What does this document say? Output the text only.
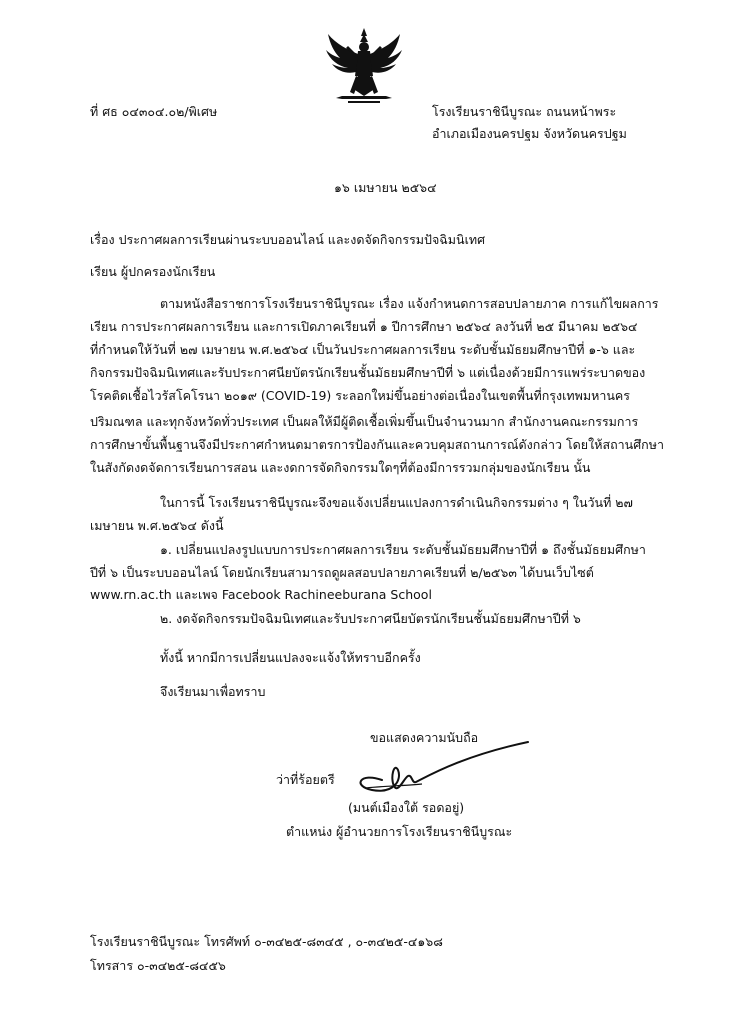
ที่ ศธ ๐๔๓๐๔.๐๒/พิเศษ	โรงเรียนราชินีบูรณะ ถนนหน้าพระ
อำเภอเมืองนครปฐม จังหวัดนครปฐม
๑๖ เมษายน ๒๕๖๔
เรื่อง ประกาศผลการเรียนผ่านระบบออนไลน์ และงดจัดกิจกรรมปัจฉิมนิเทศ
เรียน ผู้ปกครองนักเรียน
ตามหนังสือราชการโรงเรียนราชินีบูรณะ เรื่อง แจ้งกำหนดการสอบปลายภาค การแก้ไขผลการ
เรียน การประกาศผลการเรียน และการเปิดภาคเรียนที่ ๑ ปีการศึกษา ๒๕๖๔ ลงวันที่ ๒๕ มีนาคม ๒๕๖๔
ที่กำหนดให้วันที่ ๒๗ เมษายน พ.ศ.๒๕๖๔ เป็นวันประกาศผลการเรียน ระดับชั้นมัธยมศึกษาปีที่ ๑-๖ และ
กิจกรรมปัจฉิมนิเทศและรับประกาศนียบัตรนักเรียนชั้นมัธยมศึกษาปีที่ ๖ แต่เนื่องด้วยมีการแพร่ระบาดของ
โรคติดเชื้อไวรัสโคโรนา ๒๐๑๙ (COVID-19) ระลอกใหม่ขึ้นอย่างต่อเนื่องในเขตพื้นที่กรุงเทพมหานคร
ปริมณฑล และทุกจังหวัดทั่วประเทศ เป็นผลให้มีผู้ติดเชื้อเพิ่มขึ้นเป็นจำนวนมาก สำนักงานคณะกรรมการ
การศึกษาขั้นพื้นฐานจึงมีประกาศกำหนดมาตรการป้องกันและควบคุมสถานการณ์ดังกล่าว โดยให้สถานศึกษา
ในสังกัดงดจัดการเรียนการสอน และงดการจัดกิจกรรมใดๆที่ต้องมีการรวมกลุ่มของนักเรียน นั้น
ในการนี้ โรงเรียนราชินีบูรณะจึงขอแจ้งเปลี่ยนแปลงการดำเนินกิจกรรมต่าง ๆ ในวันที่ ๒๗
เมษายน พ.ศ.๒๕๖๔ ดังนี้
๑. เปลี่ยนแปลงรูปแบบการประกาศผลการเรียน ระดับชั้นมัธยมศึกษาปีที่ ๑ ถึงชั้นมัธยมศึกษา
ปีที่ ๖ เป็นระบบออนไลน์ โดยนักเรียนสามารถดูผลสอบปลายภาคเรียนที่ ๒/๒๕๖๓ ได้บนเว็บไซต์
www.rn.ac.th และเพจ Facebook Rachineeburana School
๒. งดจัดกิจกรรมปัจฉิมนิเทศและรับประกาศนียบัตรนักเรียนชั้นมัธยมศึกษาปีที่ ๖
ทั้งนี้ หากมีการเปลี่ยนแปลงจะแจ้งให้ทราบอีกครั้ง
จึงเรียนมาเพื่อทราบ
ขอแสดงความนับถือ
ว่าที่ร้อยตรี
(มนต์เมืองใต้ รอดอยู่)
ตำแหน่ง ผู้อำนวยการโรงเรียนราชินีบูรณะ
โรงเรียนราชินีบูรณะ โทรศัพท์ ๐-๓๔๒๕-๘๓๔๕ , ๐-๓๔๒๕-๔๑๖๘
โทรสาร ๐-๓๔๒๕-๘๔๕๖
